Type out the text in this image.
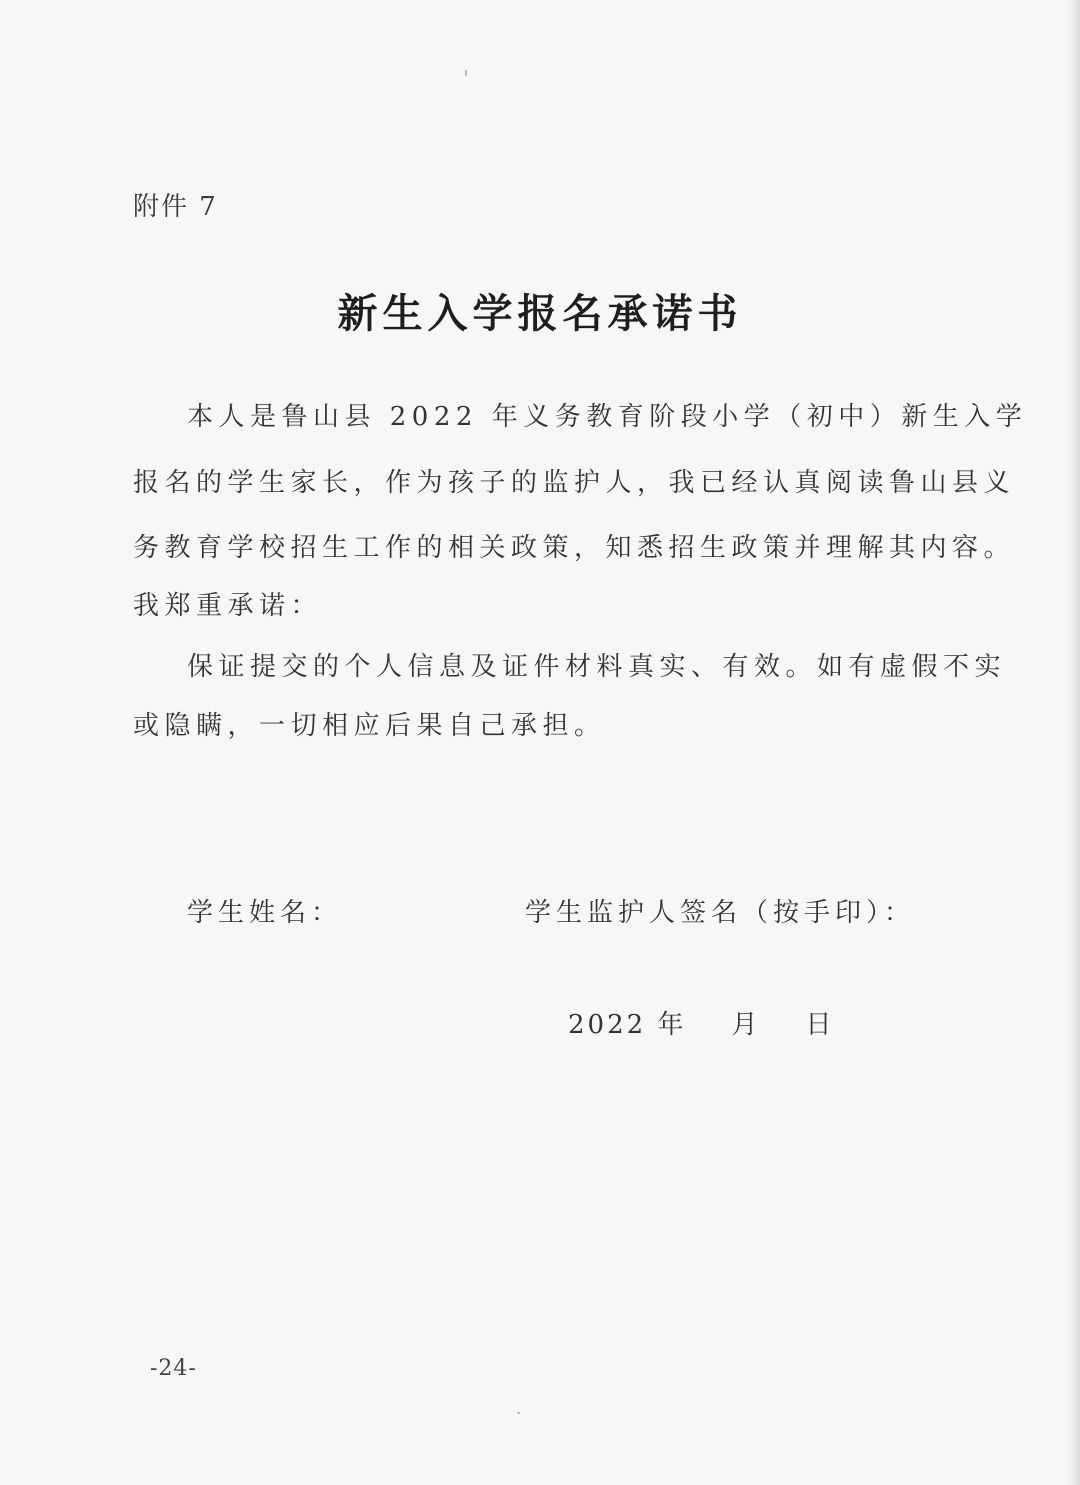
附件 7
新生入学报名承诺书
本人是鲁山县 2022 年义务教育阶段小学（初中）新生入学
报名的学生家长，作为孩子的监护人，我已经认真阅读鲁山县义
务教育学校招生工作的相关政策，知悉招生政策并理解其内容。
我郑重承诺：
保证提交的个人信息及证件材料真实、有效。如有虚假不实
或隐瞒，一切相应后果自己承担。
学生姓名：	学生监护人签名（按手印）：
2022 年    月    日
-24-
